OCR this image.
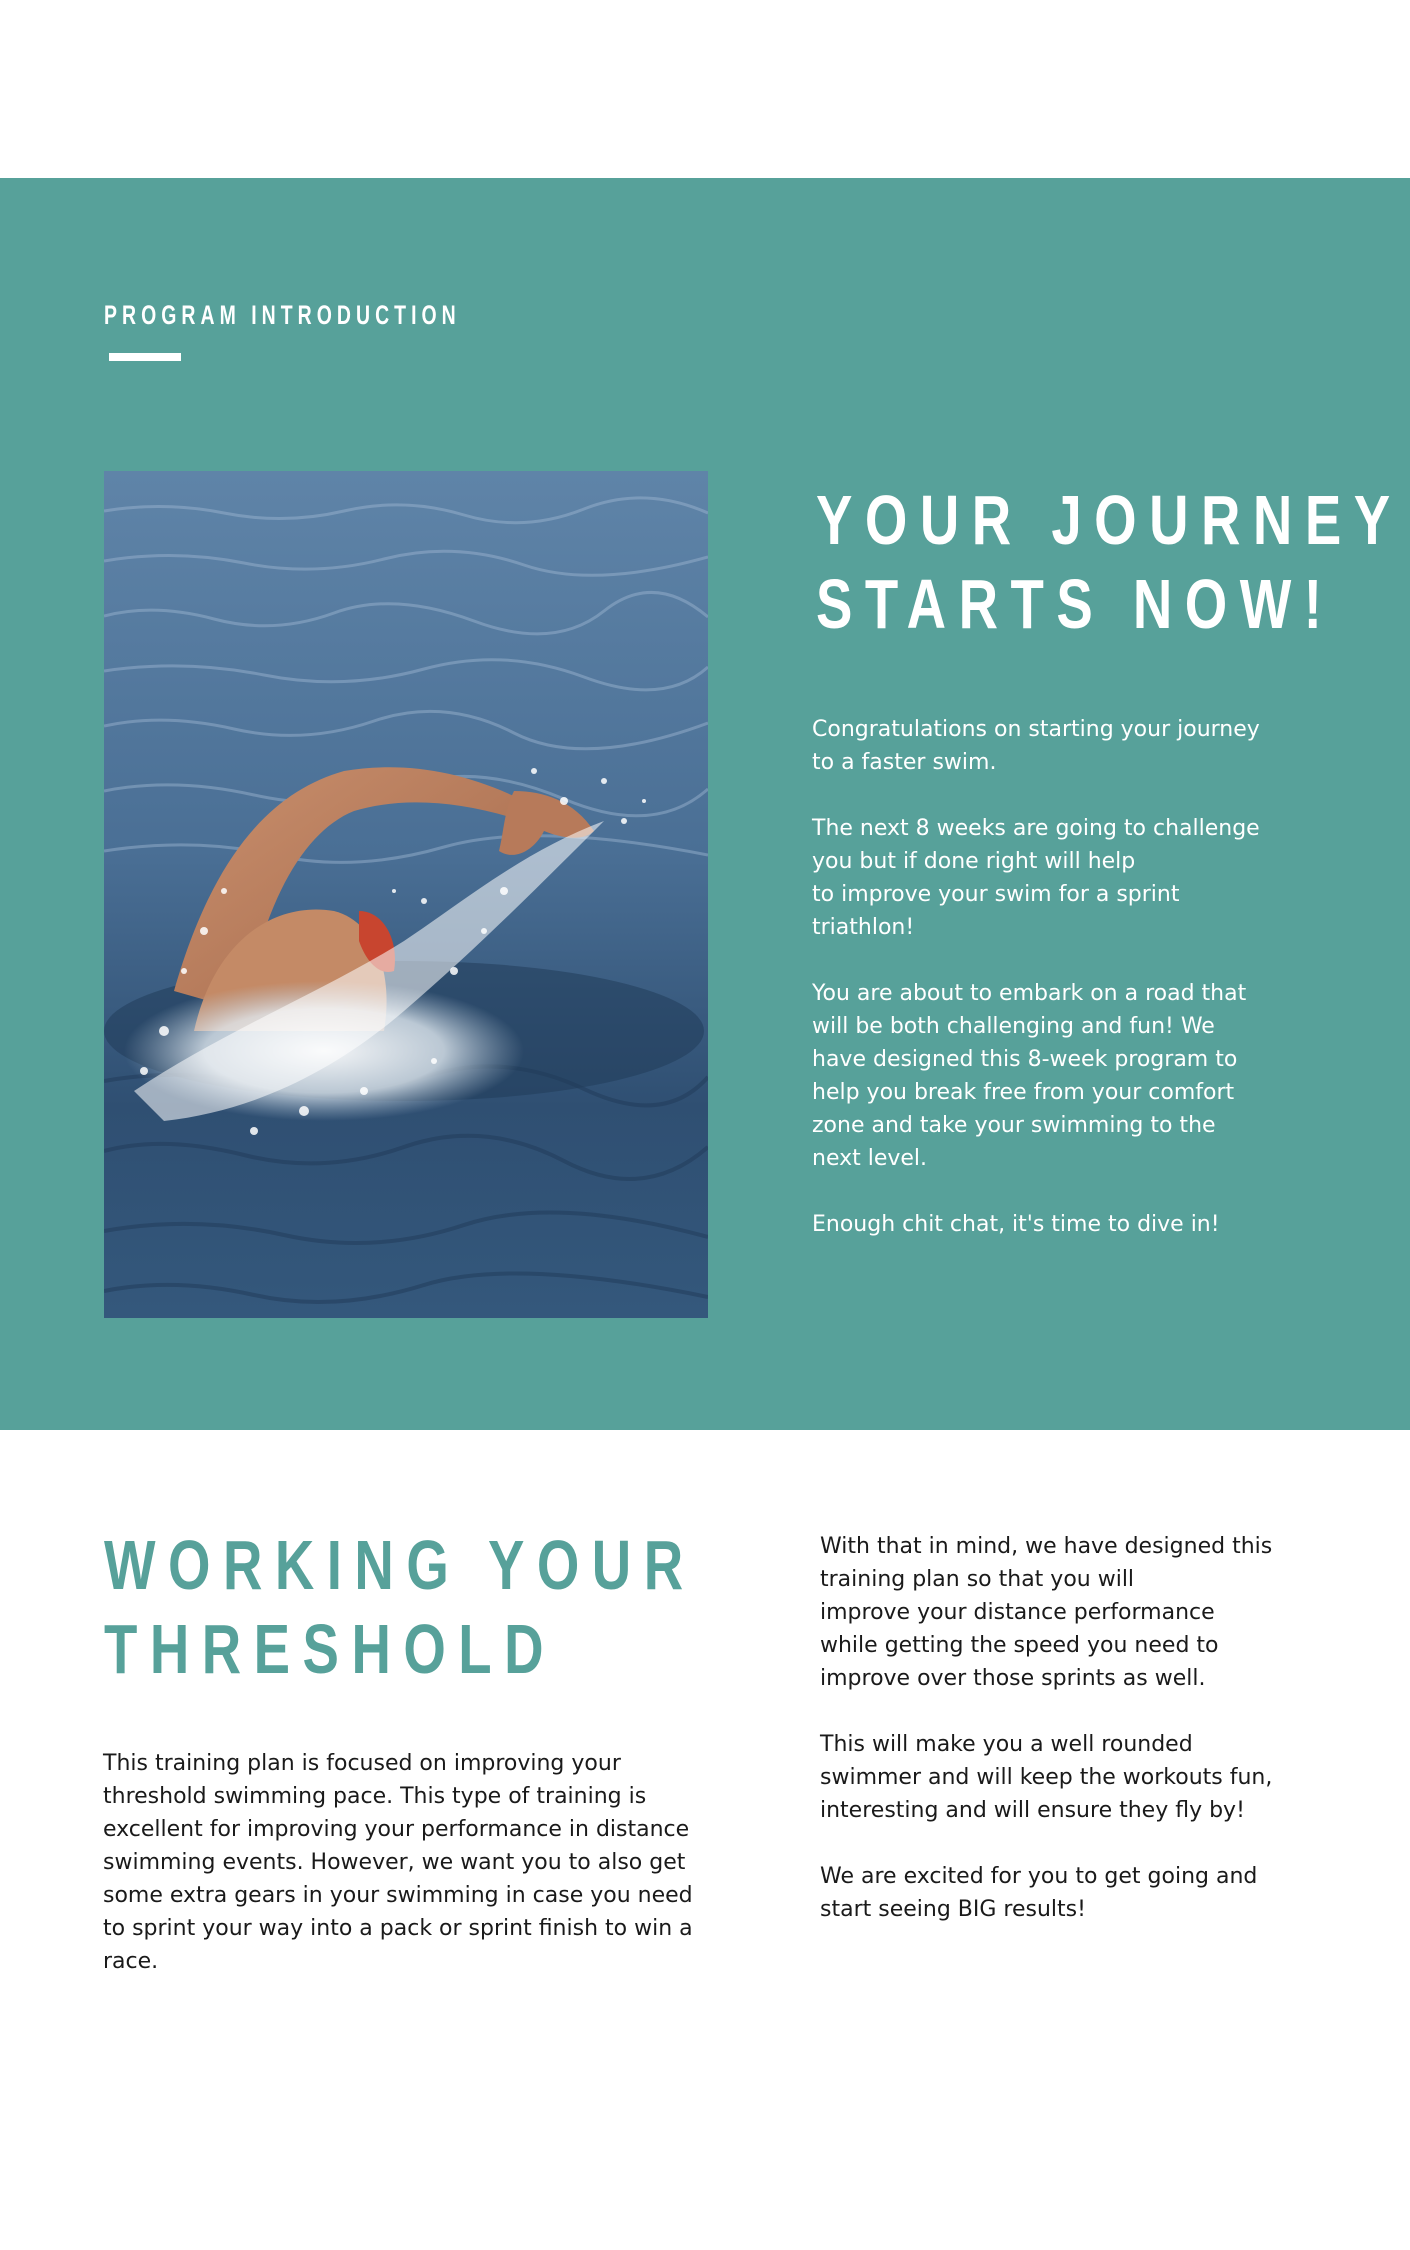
PROGRAM INTRODUCTION
YOUR JOURNEY
STARTS NOW!

Congratulations on starting your journey
to a faster swim.

The next 8 weeks are going to challenge
you but if done right will help
to improve your swim for a sprint
triathlon!

You are about to embark on a road that
will be both challenging and fun! We
have designed this 8-week program to
help you break free from your comfort
zone and take your swimming to the
next level.

Enough chit chat, it's time to dive in!

WORKING YOUR
THRESHOLD

This training plan is focused on improving your
threshold swimming pace. This type of training is
excellent for improving your performance in distance
swimming events. However, we want you to also get
some extra gears in your swimming in case you need
to sprint your way into a pack or sprint finish to win a
race.

With that in mind, we have designed this
training plan so that you will
improve your distance performance
while getting the speed you need to
improve over those sprints as well.

This will make you a well rounded
swimmer and will keep the workouts fun,
interesting and will ensure they fly by!

We are excited for you to get going and
start seeing BIG results!
